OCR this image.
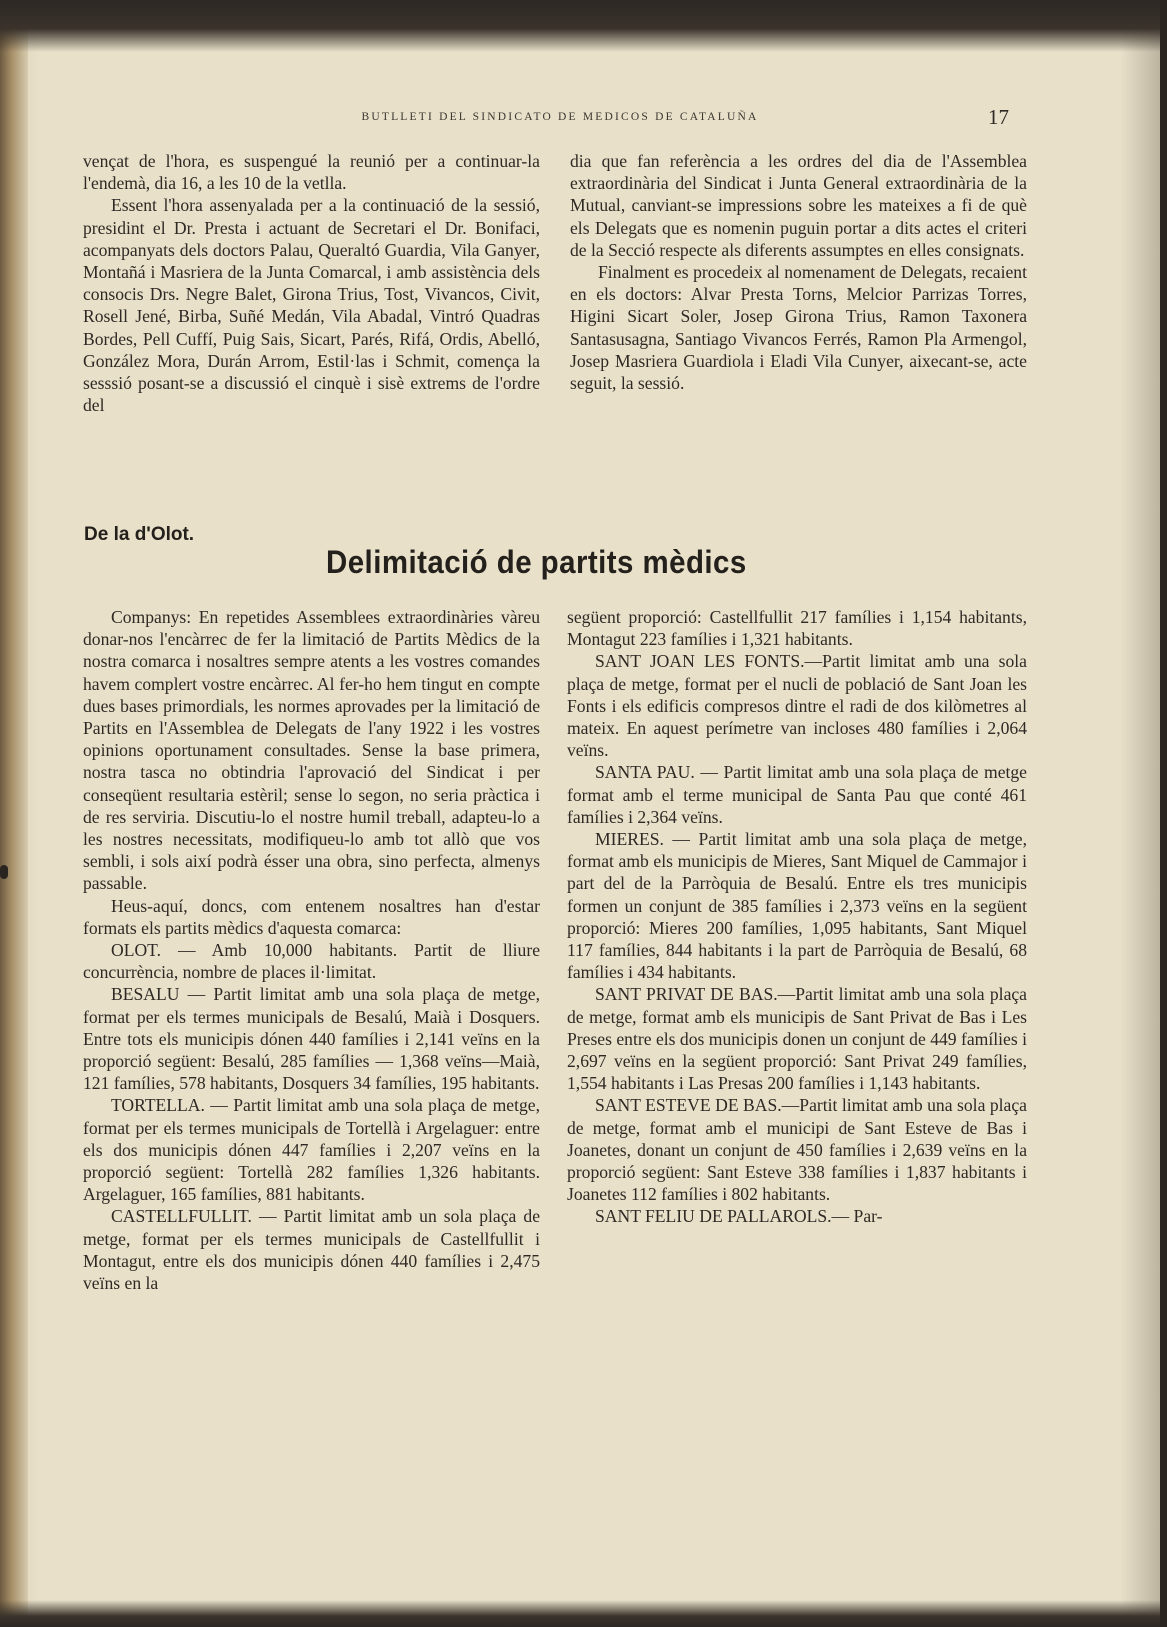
BUTLLETI DEL SINDICATO DE MEDICOS DE CATALUÑA	17

vençat de l'hora, es suspengué la reunió per a continuar-la l'endemà, dia 16, a les 10 de la vetlla.

Essent l'hora assenyalada per a la continuació de la sessió, presidint el Dr. Presta i actuant de Secretari el Dr. Bonifaci, acompanyats dels doctors Palau, Queraltó Guardia, Vila Ganyer, Montañá i Masriera de la Junta Comarcal, i amb assistència dels consocis Drs. Negre Balet, Girona Trius, Tost, Vivancos, Civit, Rosell Jené, Birba, Suñé Medán, Vila Abadal, Vintró Quadras Bordes, Pell Cuffí, Puig Sais, Sicart, Parés, Rifá, Ordis, Abelló, González Mora, Durán Arrom, Estil·las i Schmit, comença la sesssió posant-se a discussió el cinquè i sisè extrems de l'ordre del

dia que fan referència a les ordres del dia de l'Assemblea extraordinària del Sindicat i Junta General extraordinària de la Mutual, canviant-se impressions sobre les mateixes a fi de què els Delegats que es nomenin puguin portar a dits actes el criteri de la Secció respecte als diferents assumptes en elles consignats.

Finalment es procedeix al nomenament de Delegats, recaient en els doctors: Alvar Presta Torns, Melcior Parrizas Torres, Higini Sicart Soler, Josep Girona Trius, Ramon Taxonera Santasusagna, Santiago Vivancos Ferrés, Ramon Pla Armengol, Josep Masriera Guardiola i Eladi Vila Cunyer, aixecant-se, acte seguit, la sessió.

De la d'Olot.
Delimitació de partits mèdics

Companys: En repetides Assemblees extraordinàries vàreu donar-nos l'encàrrec de fer la limitació de Partits Mèdics de la nostra comarca i nosaltres sempre atents a les vostres comandes havem complert vostre encàrrec. Al fer-ho hem tingut en compte dues bases primordials, les normes aprovades per la limitació de Partits en l'Assemblea de Delegats de l'any 1922 i les vostres opinions oportunament consultades. Sense la base primera, nostra tasca no obtindria l'aprovació del Sindicat i per conseqüent resultaria estèril; sense lo segon, no seria pràctica i de res serviria. Discutiu-lo el nostre humil treball, adapteu-lo a les nostres necessitats, modifiqueu-lo amb tot allò que vos sembli, i sols així podrà ésser una obra, sino perfecta, almenys passable.

Heus-aquí, doncs, com entenem nosaltres han d'estar formats els partits mèdics d'aquesta comarca:

OLOT. — Amb 10,000 habitants. Partit de lliure concurrència, nombre de places il·limitat.

BESALU — Partit limitat amb una sola plaça de metge, format per els termes municipals de Besalú, Maià i Dosquers. Entre tots els municipis dónen 440 famílies i 2,141 veïns en la proporció següent: Besalú, 285 famílies — 1,368 veïns—Maià, 121 famílies, 578 habitants, Dosquers 34 famílies, 195 habitants.

TORTELLA. — Partit limitat amb una sola plaça de metge, format per els termes municipals de Tortellà i Argelaguer: entre els dos municipis dónen 447 famílies i 2,207 veïns en la proporció següent: Tortellà 282 famílies 1,326 habitants. Argelaguer, 165 famílies, 881 habitants.

CASTELLFULLIT. — Partit limitat amb un sola plaça de metge, format per els termes municipals de Castellfullit i Montagut, entre els dos municipis dónen 440 famílies i 2,475 veïns en la

següent proporció: Castellfullit 217 famílies i 1,154 habitants, Montagut 223 famílies i 1,321 habitants.

SANT JOAN LES FONTS.—Partit limitat amb una sola plaça de metge, format per el nucli de població de Sant Joan les Fonts i els edificis compresos dintre el radi de dos kilòmetres al mateix. En aquest perímetre van incloses 480 famílies i 2,064 veïns.

SANTA PAU. — Partit limitat amb una sola plaça de metge format amb el terme municipal de Santa Pau que conté 461 famílies i 2,364 veïns.

MIERES. — Partit limitat amb una sola plaça de metge, format amb els municipis de Mieres, Sant Miquel de Cammajor i part del de la Parròquia de Besalú. Entre els tres municipis formen un conjunt de 385 famílies i 2,373 veïns en la següent proporció: Mieres 200 famílies, 1,095 habitants, Sant Miquel 117 famílies, 844 habitants i la part de Parròquia de Besalú, 68 famílies i 434 habitants.

SANT PRIVAT DE BAS.—Partit limitat amb una sola plaça de metge, format amb els municipis de Sant Privat de Bas i Les Preses entre els dos municipis donen un conjunt de 449 famílies i 2,697 veïns en la següent proporció: Sant Privat 249 famílies, 1,554 habitants i Las Presas 200 famílies i 1,143 habitants.

SANT ESTEVE DE BAS.—Partit limitat amb una sola plaça de metge, format amb el municipi de Sant Esteve de Bas i Joanetes, donant un conjunt de 450 famílies i 2,639 veïns en la proporció següent: Sant Esteve 338 famílies i 1,837 habitants i Joanetes 112 famílies i 802 habitants.

SANT FELIU DE PALLAROLS.— Par-
